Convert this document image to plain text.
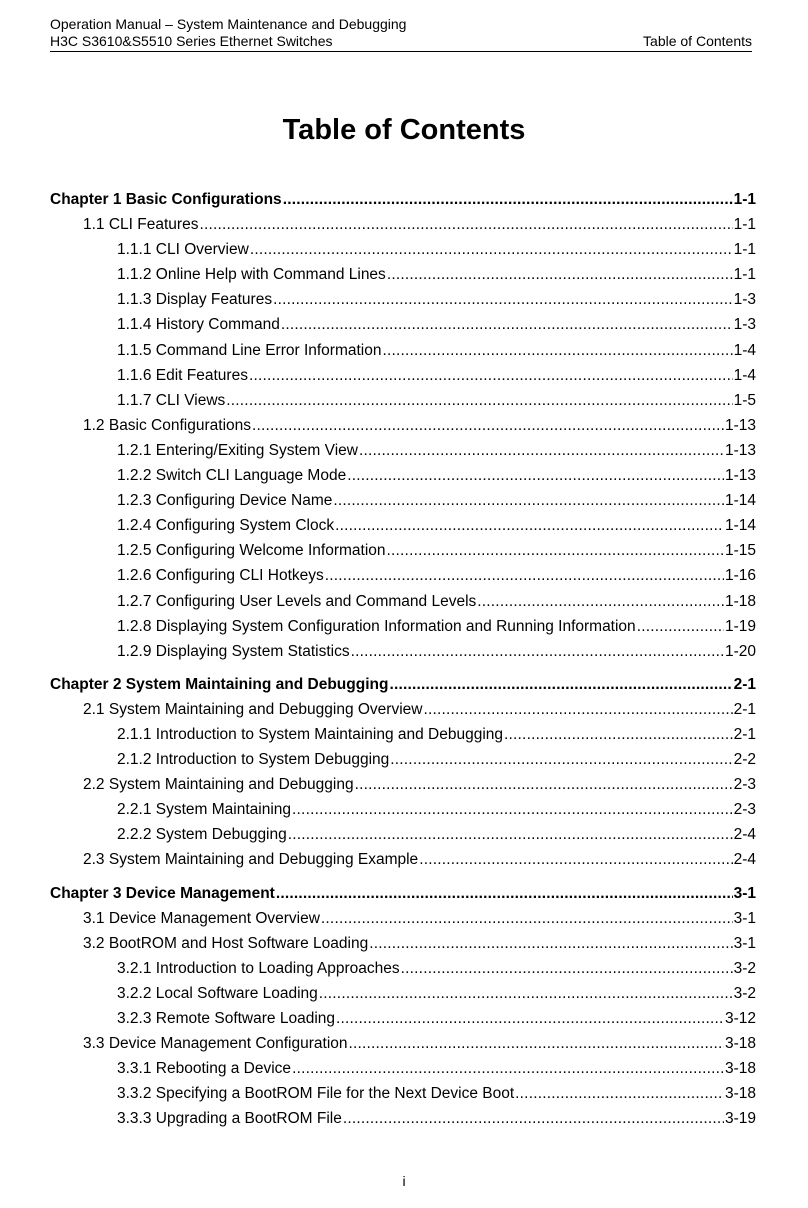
Operation Manual – System Maintenance and Debugging
H3C S3610&S5510 Series Ethernet Switches	Table of Contents
Table of Contents
Chapter 1 Basic Configurations .....	1-1
1.1 CLI Features .....	1-1
1.1.1 CLI Overview .....	1-1
1.1.2 Online Help with Command Lines .....	1-1
1.1.3 Display Features .....	1-3
1.1.4 History Command .....	1-3
1.1.5 Command Line Error Information .....	1-4
1.1.6 Edit Features .....	1-4
1.1.7 CLI Views .....	1-5
1.2 Basic Configurations .....	1-13
1.2.1 Entering/Exiting System View .....	1-13
1.2.2 Switch CLI Language Mode .....	1-13
1.2.3 Configuring Device Name .....	1-14
1.2.4 Configuring System Clock .....	1-14
1.2.5 Configuring Welcome Information .....	1-15
1.2.6 Configuring CLI Hotkeys .....	1-16
1.2.7 Configuring User Levels and Command Levels .....	1-18
1.2.8 Displaying System Configuration Information and Running Information .....	1-19
1.2.9 Displaying System Statistics .....	1-20
Chapter 2 System Maintaining and Debugging .....	2-1
2.1 System Maintaining and Debugging Overview .....	2-1
2.1.1 Introduction to System Maintaining and Debugging .....	2-1
2.1.2 Introduction to System Debugging .....	2-2
2.2 System Maintaining and Debugging .....	2-3
2.2.1 System Maintaining .....	2-3
2.2.2 System Debugging .....	2-4
2.3 System Maintaining and Debugging Example .....	2-4
Chapter 3 Device Management .....	3-1
3.1 Device Management Overview .....	3-1
3.2 BootROM and Host Software Loading .....	3-1
3.2.1 Introduction to Loading Approaches .....	3-2
3.2.2 Local Software Loading .....	3-2
3.2.3 Remote Software Loading .....	3-12
3.3 Device Management Configuration .....	3-18
3.3.1 Rebooting a Device .....	3-18
3.3.2 Specifying a BootROM File for the Next Device Boot .....	3-18
3.3.3 Upgrading a BootROM File .....	3-19
i
